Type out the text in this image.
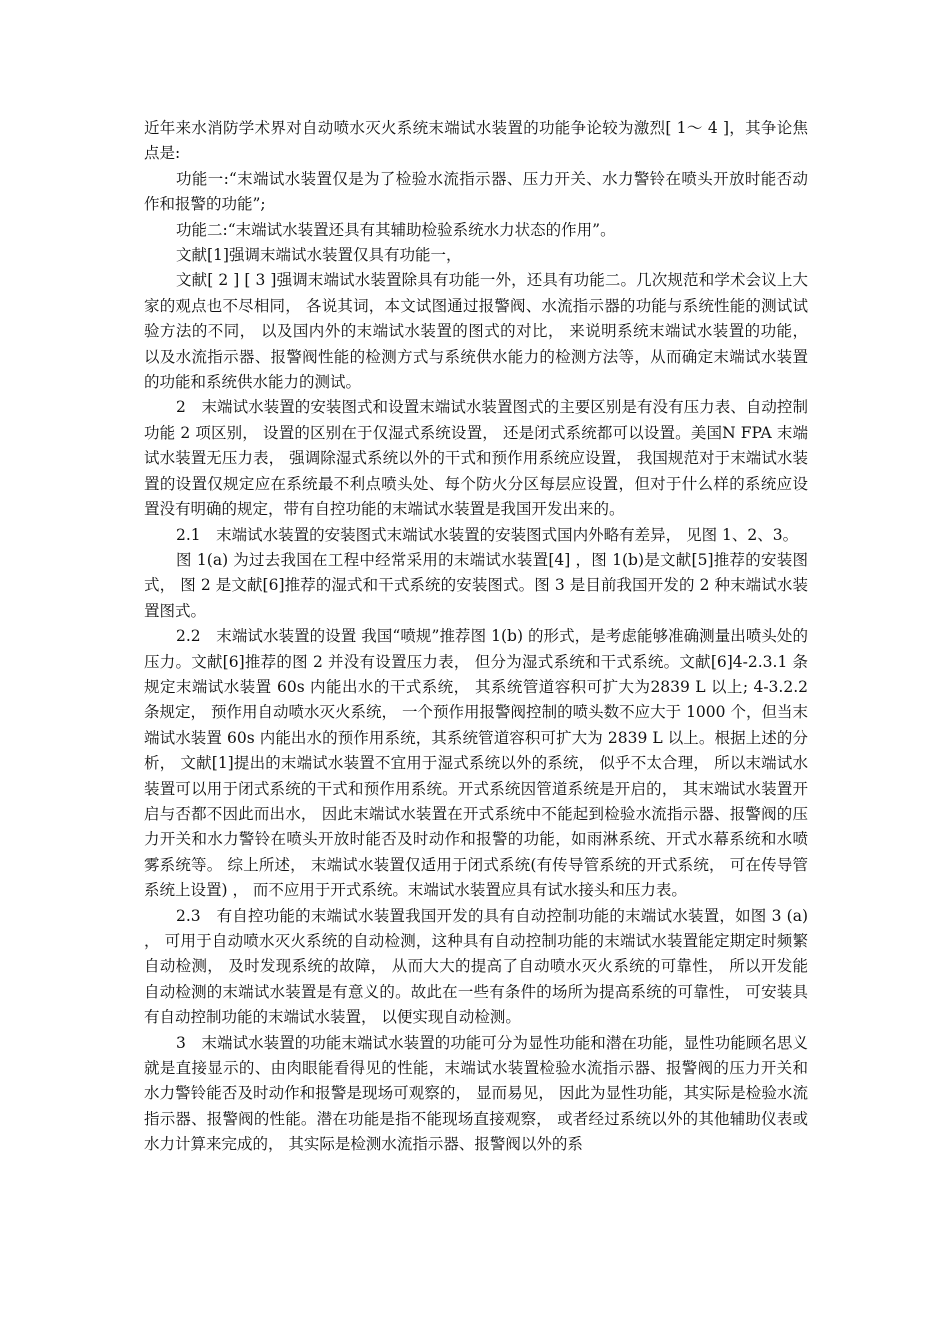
近年来水消防学术界对自动喷水灭火系统末端试水装置的功能争论较为激烈[ 1～ 4 ]，其争论焦点是:

功能一:“末端试水装置仅是为了检验水流指示器、压力开关、水力警铃在喷头开放时能否动作和报警的功能”;

功能二:“末端试水装置还具有其辅助检验系统水力状态的作用”。

文献[1]强调末端试水装置仅具有功能一，

文献[ 2 ] [ 3 ]强调末端试水装置除具有功能一外，还具有功能二。几次规范和学术会议上大家的观点也不尽相同， 各说其词，本文试图通过报警阀、水流指示器的功能与系统性能的测试试验方法的不同， 以及国内外的末端试水装置的图式的对比， 来说明系统末端试水装置的功能， 以及水流指示器、报警阀性能的检测方式与系统供水能力的检测方法等，从而确定末端试水装置的功能和系统供水能力的测试。

2　末端试水装置的安装图式和设置末端试水装置图式的主要区别是有没有压力表、自动控制功能 2 项区别， 设置的区别在于仅湿式系统设置， 还是闭式系统都可以设置。美国N FPA 末端试水装置无压力表， 强调除湿式系统以外的干式和预作用系统应设置， 我国规范对于末端试水装置的设置仅规定应在系统最不利点喷头处、每个防火分区每层应设置，但对于什么样的系统应设置没有明确的规定，带有自控功能的末端试水装置是我国开发出来的。

2.1　末端试水装置的安装图式末端试水装置的安装图式国内外略有差异， 见图 1、2、3。

图 1(a) 为过去我国在工程中经常采用的末端试水装置[4] ，图 1(b)是文献[5]推荐的安装图式， 图 2 是文献[6]推荐的湿式和干式系统的安装图式。图 3 是目前我国开发的 2 种末端试水装置图式。

2.2　末端试水装置的设置 我国“喷规”推荐图 1(b) 的形式，是考虑能够准确测量出喷头处的压力。文献[6]推荐的图 2 并没有设置压力表， 但分为湿式系统和干式系统。文献[6]4-2.3.1 条规定末端试水装置 60s 内能出水的干式系统， 其系统管道容积可扩大为2839 L 以上; 4-3.2.2 条规定， 预作用自动喷水灭火系统， 一个预作用报警阀控制的喷头数不应大于 1000 个，但当末端试水装置 60s 内能出水的预作用系统，其系统管道容积可扩大为 2839 L 以上。根据上述的分析， 文献[1]提出的末端试水装置不宜用于湿式系统以外的系统， 似乎不太合理， 所以末端试水装置可以用于闭式系统的干式和预作用系统。开式系统因管道系统是开启的， 其末端试水装置开启与否都不因此而出水， 因此末端试水装置在开式系统中不能起到检验水流指示器、报警阀的压力开关和水力警铃在喷头开放时能否及时动作和报警的功能，如雨淋系统、开式水幕系统和水喷雾系统等。 综上所述， 末端试水装置仅适用于闭式系统(有传导管系统的开式系统， 可在传导管系统上设置) ， 而不应用于开式系统。末端试水装置应具有试水接头和压力表。

2.3　有自控功能的末端试水装置我国开发的具有自动控制功能的末端试水装置，如图 3 (a) ， 可用于自动喷水灭火系统的自动检测，这种具有自动控制功能的末端试水装置能定期定时频繁自动检测， 及时发现系统的故障， 从而大大的提高了自动喷水灭火系统的可靠性， 所以开发能自动检测的末端试水装置是有意义的。故此在一些有条件的场所为提高系统的可靠性， 可安装具有自动控制功能的末端试水装置， 以便实现自动检测。

3　末端试水装置的功能末端试水装置的功能可分为显性功能和潜在功能，显性功能顾名思义就是直接显示的、由肉眼能看得见的性能，末端试水装置检验水流指示器、报警阀的压力开关和水力警铃能否及时动作和报警是现场可观察的， 显而易见， 因此为显性功能，其实际是检验水流指示器、报警阀的性能。潜在功能是指不能现场直接观察， 或者经过系统以外的其他辅助仪表或水力计算来完成的， 其实际是检测水流指示器、报警阀以外的系
